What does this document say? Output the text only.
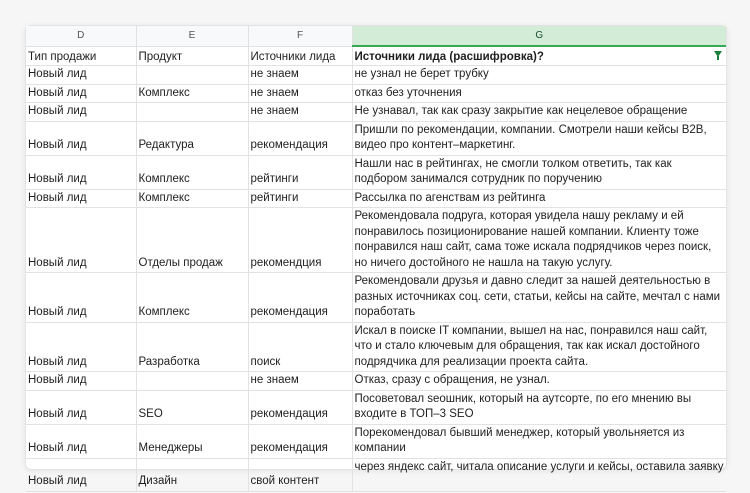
D	E	F	G
Тип продажи	Продукт	Источники лида	Источники лида (расшифровка)?

Новый лид		не знаем	не узнал не берет трубку
Новый лид	Комплекс	не знаем	отказ без уточнения
Новый лид		не знаем	Не узнавал, так как сразу закрытие как нецелевое обращение
Новый лид	Редактура	рекомендация	Пришли по рекомендации, компании. Смотрели наши кейсы B2B, видео про контент–маркетинг.
Новый лид	Комплекс	рейтинги	Нашли нас в рейтингах, не смогли толком ответить, так как подбором занимался сотрудник по поручению
Новый лид	Комплекс	рейтинги	Рассылка по агенствам из рейтинга
Новый лид	Отделы продаж	рекомендция	Рекомендовала подруга, которая увидела нашу рекламу и ей понравилось позиционирование нашей компании. Клиенту тоже понравился наш сайт, сама тоже искала подрядчиков через поиск, но ничего достойного не нашла на такую услугу.
Новый лид	Комплекс	рекомендация	Рекомендовали друзья и давно следит за нашей деятельностью в разных источниках соц. сети, статьи, кейсы на сайте, мечтал с нами поработать
Новый лид	Разработка	поиск	Искал в поиске IT компании, вышел на нас, понравился наш сайт, что и стало ключевым для обращения, так как искал достойного подрядчика для реализации проекта сайта.
Новый лид		не знаем	Отказ, сразу с обращения, не узнал.
Новый лид	SEO	рекомендация	Посоветовал seoшник, который на аутсорте, по его мнению вы входите в ТОП–3 SEO
Новый лид	Менеджеры	рекомендация	Порекомендовал бывший менеджер, который увольняется из компании
Новый лид	Дизайн	свой контент	через яндекс сайт, читала описание услуги и кейсы, оставила заявку
